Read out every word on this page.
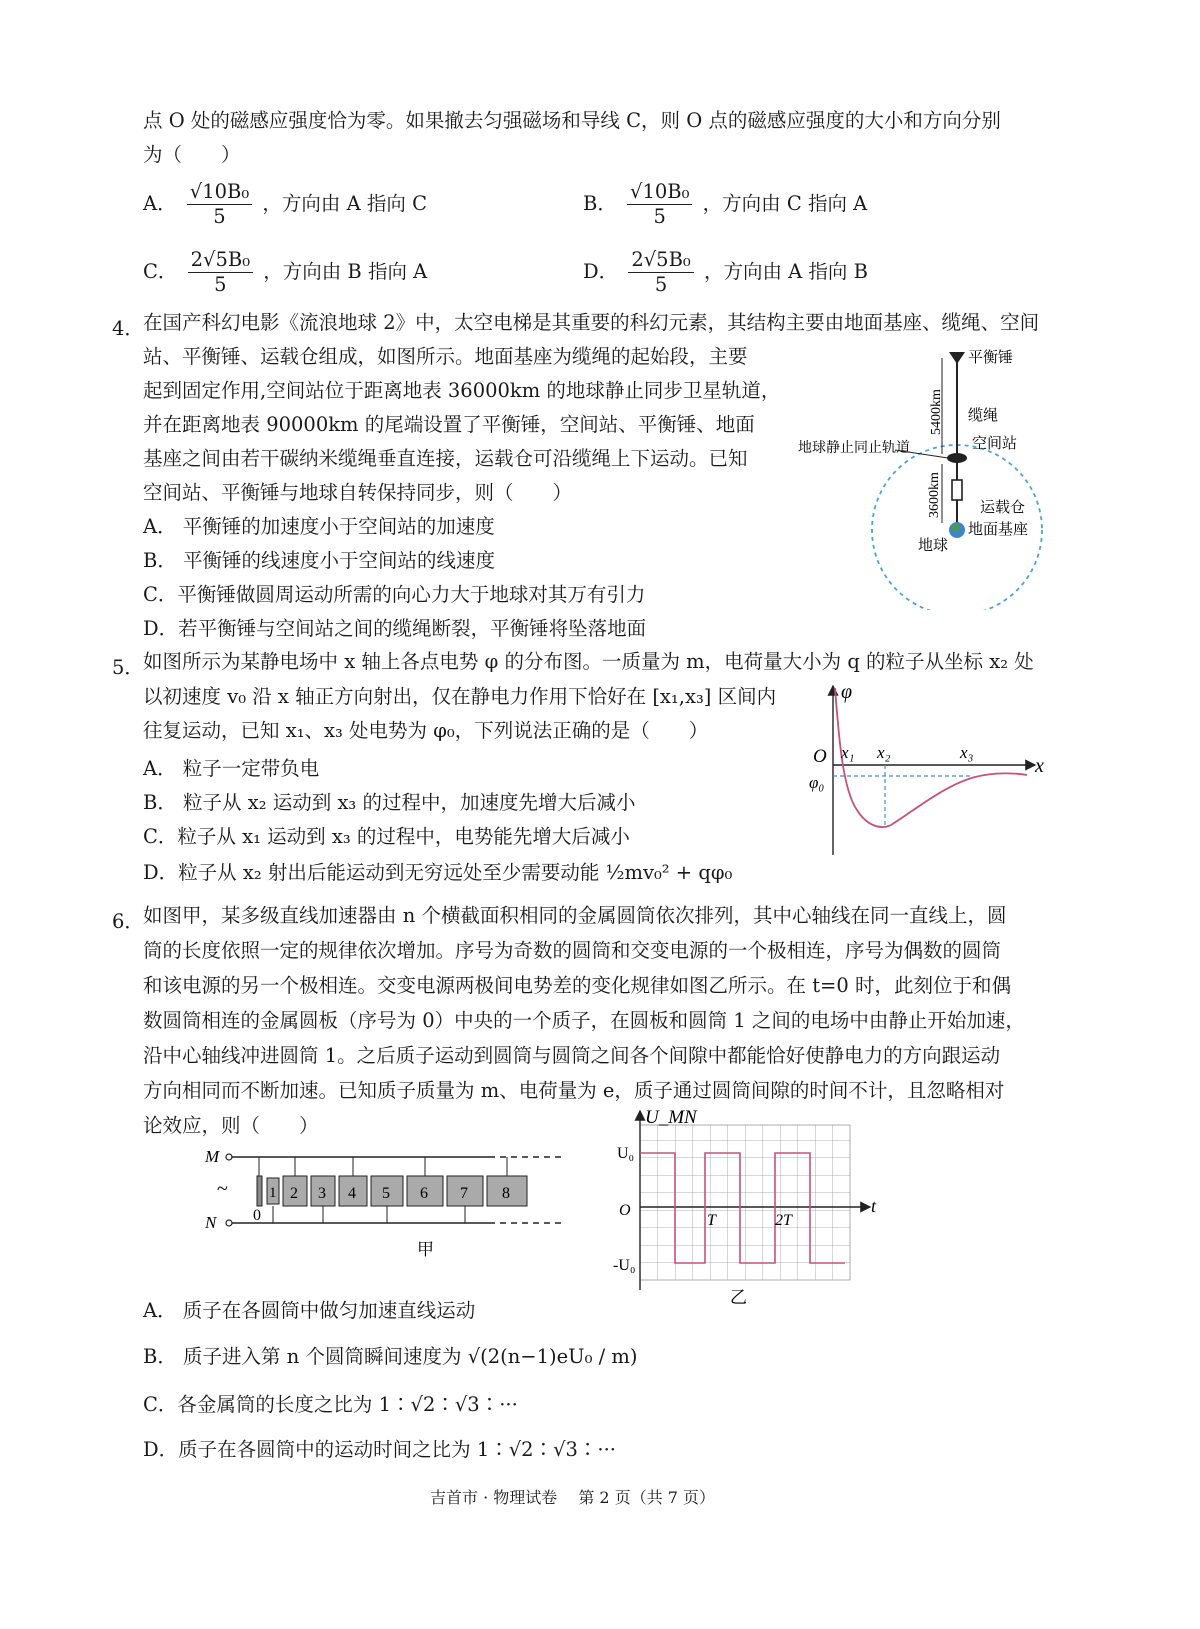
点 O 处的磁感应强度恰为零。如果撤去匀强磁场和导线 C，则 O 点的磁感应强度的大小和方向分别
为（　　）
A． $\frac{\text{√10B₀}}{5}$ ，方向由 A 指向 C	B． $\frac{\text{√10B₀}}{5}$ ，方向由 C 指向 A
C． $\frac{\text{2√5B₀}}{5}$ ，方向由 B 指向 A	D． $\frac{\text{2√5B₀}}{5}$ ，方向由 A 指向 B
4． 在国产科幻电影《流浪地球 2》中，太空电梯是其重要的科幻元素，其结构主要由地面基座、缆绳、空间
站、平衡锤、运载仓组成，如图所示。地面基座为缆绳的起始段，主要
起到固定作用,空间站位于距离地表 36000km 的地球静止同步卫星轨道，
并在距离地表 90000km 的尾端设置了平衡锤，空间站、平衡锤、地面
基座之间由若干碳纳米缆绳垂直连接，运载仓可沿缆绳上下运动。已知
空间站、平衡锤与地球自转保持同步，则（　　）
A． 平衡锤的加速度小于空间站的加速度
B． 平衡锤的线速度小于空间站的线速度
C．平衡锤做圆周运动所需的向心力大于地球对其万有引力
D．若平衡锤与空间站之间的缆绳断裂，平衡锤将坠落地面
平衡锤
5400km 缆绳
地球静止同止轨道	空间站
3600km	运载仓
地面基座
地球
5． 如图所示为某静电场中 x 轴上各点电势 φ 的分布图。一质量为 m，电荷量大小为 q 的粒子从坐标 x₂ 处
以初速度 v₀ 沿 x 轴正方向射出，仅在静电力作用下恰好在 [x₁,x₃] 区间内
往复运动，已知 x₁、x₃ 处电势为 φ₀，下列说法正确的是（　　）
A． 粒子一定带负电
B． 粒子从 x₂ 运动到 x₃ 的过程中，加速度先增大后减小
C．粒子从 x₁ 运动到 x₃ 的过程中，电势能先增大后减小
D．粒子从 x₂ 射出后能运动到无穷远处至少需要动能 ½mv₀² + qφ₀
φ
x
O x₁ x₂	x₃
φ₀
6． 如图甲，某多级直线加速器由 n 个横截面积相同的金属圆筒依次排列，其中心轴线在同一直线上，圆
筒的长度依照一定的规律依次增加。序号为奇数的圆筒和交变电源的一个极相连，序号为偶数的圆筒
和该电源的另一个极相连。交变电源两极间电势差的变化规律如图乙所示。在 t=0 时，此刻位于和偶
数圆筒相连的金属圆板（序号为 0）中央的一个质子，在圆板和圆筒 1 之间的电场中由静止开始加速，
沿中心轴线冲进圆筒 1。之后质子运动到圆筒与圆筒之间各个间隙中都能恰好使静电力的方向跟运动
方向相同而不断加速。已知质子质量为 m、电荷量为 e，质子通过圆筒间隙的时间不计，且忽略相对
论效应，则（　　）
M
N
~	1 2 3 4 5 6 7 8
0
甲
U_MN
t
U₀
O
-U₀
T	2T
乙
A． 质子在各圆筒中做匀加速直线运动
B． 质子进入第 n 个圆筒瞬间速度为 √(2(n−1)eU₀ / m)
C．各金属筒的长度之比为 1∶√2∶√3∶···
D．质子在各圆筒中的运动时间之比为 1∶√2∶√3∶···
吉首市 · 物理试卷　 第 2 页（共 7 页）
